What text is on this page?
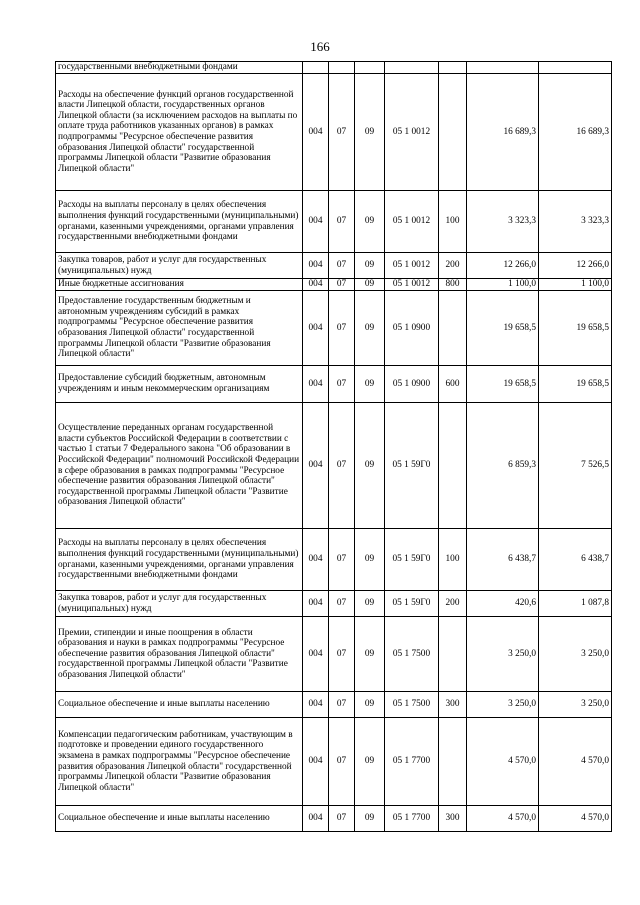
166
государственными внебюджетными фондами							
Расходы на обеспечение функций органов государственной власти Липецкой области, государственных органов Липецкой области (за исключением расходов на выплаты по оплате труда работников указанных органов) в рамках подпрограммы "Ресурсное обеспечение развития образования Липецкой области" государственной программы Липецкой области "Развитие образования Липецкой области"	004	07	09	05 1 0012		16 689,3	16 689,3
Расходы на выплаты персоналу в целях обеспечения выполнения функций государственными (муниципальными) органами, казенными учреждениями, органами управления государственными внебюджетными фондами	004	07	09	05 1 0012	100	3 323,3	3 323,3
Закупка товаров, работ и услуг для государственных (муниципальных) нужд	004	07	09	05 1 0012	200	12 266,0	12 266,0
Иные бюджетные ассигнования	004	07	09	05 1 0012	800	1 100,0	1 100,0
Предоставление государственным бюджетным и автономным учреждениям субсидий в рамках подпрограммы "Ресурсное обеспечение развития образования Липецкой области" государственной программы Липецкой области "Развитие образования Липецкой области"	004	07	09	05 1 0900		19 658,5	19 658,5
Предоставление субсидий бюджетным, автономным учреждениям и иным некоммерческим организациям	004	07	09	05 1 0900	600	19 658,5	19 658,5
Осуществление переданных органам государственной власти субъектов Российской Федерации в соответствии с частью 1 статьи 7 Федерального закона "Об образовании в Российской Федерации" полномочий Российской Федерации в сфере образования в рамках подпрограммы "Ресурсное обеспечение развития образования Липецкой области" государственной программы Липецкой области "Развитие образования Липецкой области"	004	07	09	05 1 59Г0		6 859,3	7 526,5
Расходы на выплаты персоналу в целях обеспечения выполнения функций государственными (муниципальными) органами, казенными учреждениями, органами управления государственными внебюджетными фондами	004	07	09	05 1 59Г0	100	6 438,7	6 438,7
Закупка товаров, работ и услуг для государственных (муниципальных) нужд	004	07	09	05 1 59Г0	200	420,6	1 087,8
Премии, стипендии и иные поощрения в области образования и науки в рамках подпрограммы "Ресурсное обеспечение развития образования Липецкой области" государственной программы Липецкой области "Развитие образования Липецкой области"	004	07	09	05 1 7500		3 250,0	3 250,0
Социальное обеспечение и иные выплаты населению	004	07	09	05 1 7500	300	3 250,0	3 250,0
Компенсации педагогическим работникам, участвующим в подготовке и проведении единого государственного экзамена в рамках подпрограммы "Ресурсное обеспечение развития образования Липецкой области" государственной программы Липецкой области "Развитие образования Липецкой области"	004	07	09	05 1 7700		4 570,0	4 570,0
Социальное обеспечение и иные выплаты населению	004	07	09	05 1 7700	300	4 570,0	4 570,0
